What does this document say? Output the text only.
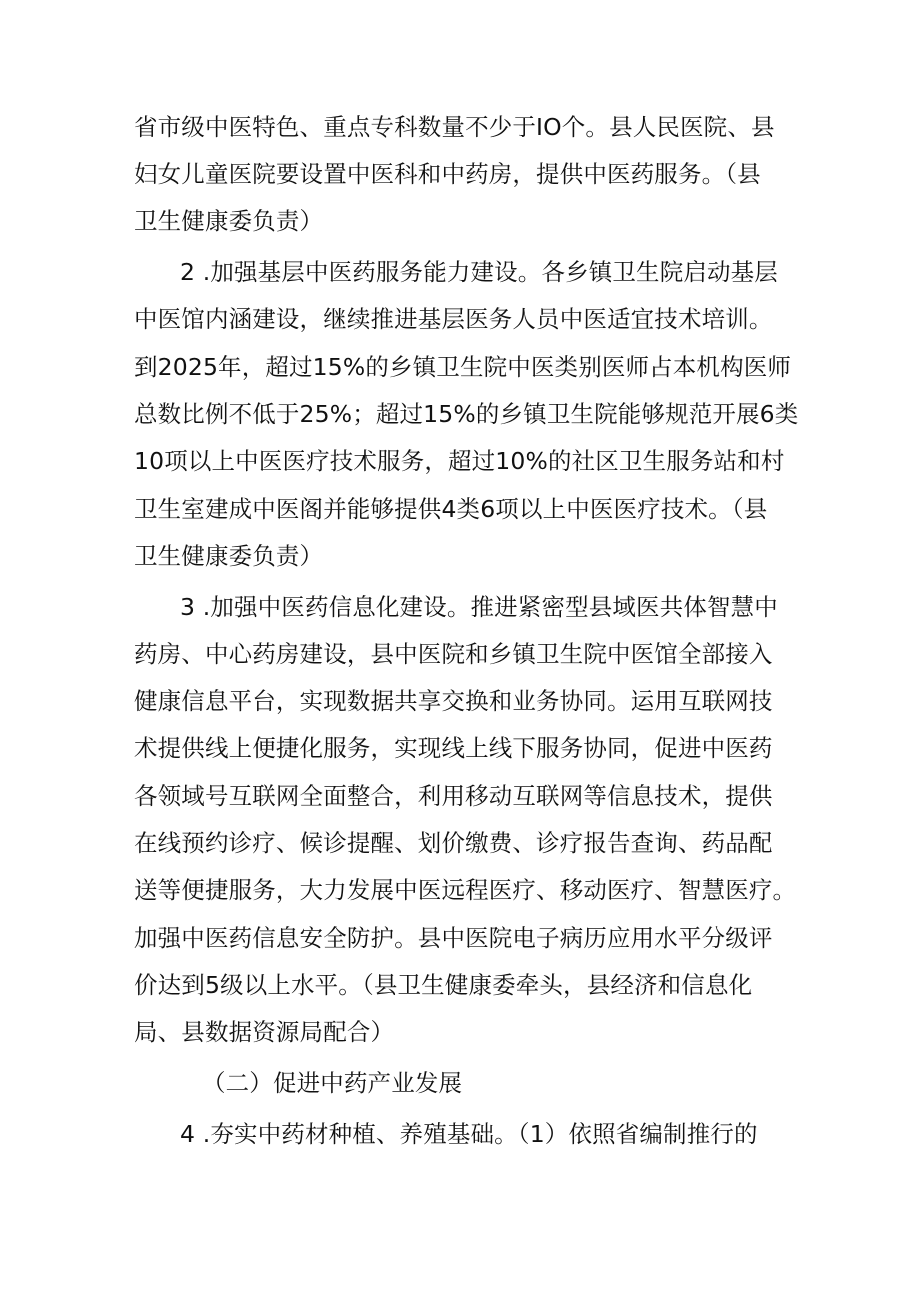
省市级中医特色、重点专科数量不少于IO个。县人民医院、县
妇女儿童医院要设置中医科和中药房，提供中医药服务。（县
卫生健康委负责）
2 .加强基层中医药服务能力建设。各乡镇卫生院启动基层
中医馆内涵建设，继续推进基层医务人员中医适宜技术培训。
到2025年，超过15%的乡镇卫生院中医类别医师占本机构医师
总数比例不低于25%；超过15%的乡镇卫生院能够规范开展6类
10项以上中医医疗技术服务，超过10%的社区卫生服务站和村
卫生室建成中医阁并能够提供4类6项以上中医医疗技术。（县
卫生健康委负责）
3 .加强中医药信息化建设。推进紧密型县域医共体智慧中
药房、中心药房建设，县中医院和乡镇卫生院中医馆全部接入
健康信息平台，实现数据共享交换和业务协同。运用互联网技
术提供线上便捷化服务，实现线上线下服务协同，促进中医药
各领域号互联网全面整合，利用移动互联网等信息技术，提供
在线预约诊疗、候诊提醒、划价缴费、诊疗报告查询、药品配
送等便捷服务，大力发展中医远程医疗、移动医疗、智慧医疗。
加强中医药信息安全防护。县中医院电子病历应用水平分级评
价达到5级以上水平。（县卫生健康委牵头，县经济和信息化
局、县数据资源局配合）
（二）促进中药产业发展
4 .夯实中药材种植、养殖基础。（1）依照省编制推行的
